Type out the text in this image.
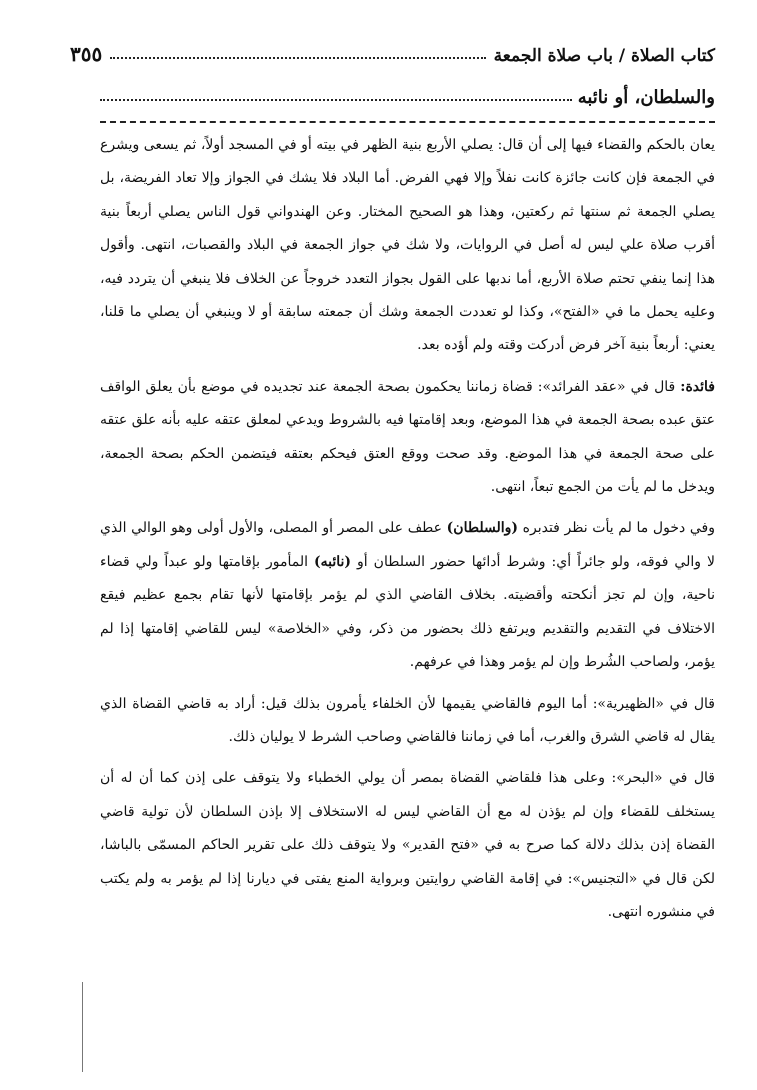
٣٥٥	كتاب الصلاة / باب صلاة الجمعة
والسلطان، أو نائبه

يعان بالحكم والقضاء فيها إلى أن قال: يصلي الأربع بنية الظهر في بيته أو في المسجد أولاً، ثم يسعى ويشرع في الجمعة فإن كانت جائزة كانت نفلاً وإلا فهي الفرض. أما البلاد فلا يشك في الجواز وإلا تعاد الفريضة، بل يصلي الجمعة ثم سنتها ثم ركعتين، وهذا هو الصحيح المختار. وعن الهندواني قول الناس يصلي أربعاً بنية أقرب صلاة علي ليس له أصل في الروايات، ولا شك في جواز الجمعة في البلاد والقصبات، انتهى. وأقول هذا إنما ينفي تحتم صلاة الأربع، أما ندبها على القول بجواز التعدد خروجاً عن الخلاف فلا ينبغي أن يتردد فيه، وعليه يحمل ما في «الفتح»، وكذا لو تعددت الجمعة وشك أن جمعته سابقة أو لا وينبغي أن يصلي ما قلنا، يعني: أربعاً بنية آخر فرض أدركت وقته ولم أؤده بعد.

فائدة: قال في «عقد الفرائد»: قضاة زماننا يحكمون بصحة الجمعة عند تجديده في موضع بأن يعلق الواقف عتق عبده بصحة الجمعة في هذا الموضع، وبعد إقامتها فيه بالشروط ويدعي لمعلق عتقه عليه بأنه علق عتقه على صحة الجمعة في هذا الموضع. وقد صحت ووقع العتق فيحكم بعتقه فيتضمن الحكم بصحة الجمعة، ويدخل ما لم يأت من الجمع تبعاً، انتهى.

وفي دخول ما لم يأت نظر فتدبره (والسلطان) عطف على المصر أو المصلى، والأول أولى وهو الوالي الذي لا والي فوقه، ولو جائراً أي: وشرط أدائها حضور السلطان أو (نائبه) المأمور بإقامتها ولو عبداً ولي قضاء ناحية، وإن لم تجز أنكحته وأقضيته. بخلاف القاضي الذي لم يؤمر بإقامتها لأنها تقام بجمع عظيم فيقع الاختلاف في التقديم والتقديم ويرتفع ذلك بحضور من ذكر، وفي «الخلاصة» ليس للقاضي إقامتها إذا لم يؤمر، ولصاحب الشُرط وإن لم يؤمر وهذا في عرفهم.

قال في «الظهيرية»: أما اليوم فالقاضي يقيمها لأن الخلفاء يأمرون بذلك قيل: أراد به قاضي القضاة الذي يقال له قاضي الشرق والغرب، أما في زماننا فالقاضي وصاحب الشرط لا يوليان ذلك.

قال في «البحر»: وعلى هذا فلقاضي القضاة بمصر أن يولي الخطباء ولا يتوقف على إذن كما أن له أن يستخلف للقضاء وإن لم يؤذن له مع أن القاضي ليس له الاستخلاف إلا بإذن السلطان لأن تولية قاضي القضاة إذن بذلك دلالة كما صرح به في «فتح القدير» ولا يتوقف ذلك على تقرير الحاكم المسمّى بالباشا، لكن قال في «التجنيس»: في إقامة القاضي روايتين وبرواية المنع يفتى في ديارنا إذا لم يؤمر به ولم يكتب في منشوره انتهى.
